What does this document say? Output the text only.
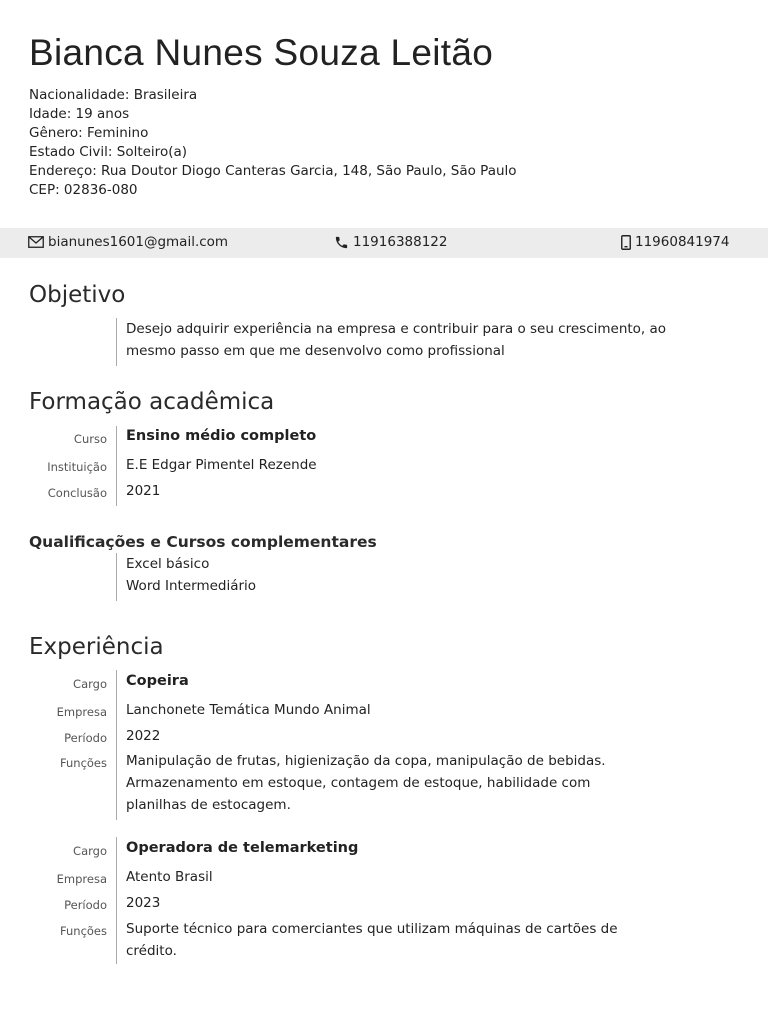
Bianca Nunes Souza Leitão
Nacionalidade: Brasileira
Idade: 19 anos
Gênero: Feminino
Estado Civil: Solteiro(a)
Endereço: Rua Doutor Diogo Canteras Garcia, 148, São Paulo, São Paulo
CEP: 02836-080
bianunes1601@gmail.com	11916388122	11960841974
Objetivo
Desejo adquirir experiência na empresa e contribuir para o seu crescimento, ao
mesmo passo em que me desenvolvo como profissional
Formação acadêmica
Curso Ensino médio completo
Instituição E.E Edgar Pimentel Rezende
Conclusão 2021
Qualificações e Cursos complementares
Excel básico
Word Intermediário
Experiência
Cargo Copeira
Empresa Lanchonete Temática Mundo Animal
Período 2022
Funções Manipulação de frutas, higienização da copa, manipulação de bebidas. Armazenamento em estoque, contagem de estoque, habilidade com planilhas de estocagem.
Cargo Operadora de telemarketing
Empresa Atento Brasil
Período 2023
Funções Suporte técnico para comerciantes que utilizam máquinas de cartões de crédito.
